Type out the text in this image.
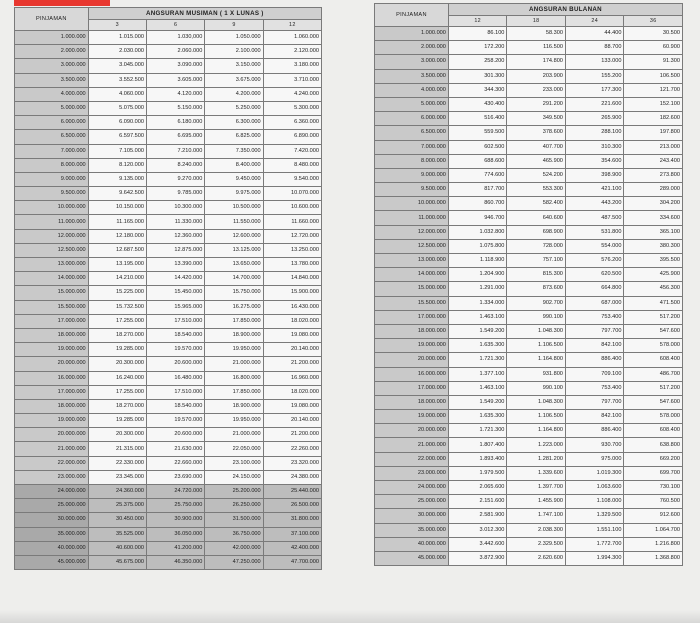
PINJAMAN	ANGSURAN MUSIMAN ( 1 X LUNAS )			
	3	6	9	12
1.000.000	1.015.000	1.030,000	1.050.000	1.060.000
2.000.000	2.030.000	2.060.000	2.100.000	2.120.000
3.000.000	3.045.000	3.090.000	3.150.000	3.180.000
3.500.000	3.552.500	3.605.000	3.675.000	3.710.000
4.000.000	4.060.000	4.120.000	4.200.000	4.240.000
5.000.000	5.075.000	5.150.000	5.250.000	5.300.000
6.000.000	6.090.000	6.180.000	6.300.000	6.360.000
6.500.000	6.597.500	6.695.000	6.825.000	6.890.000
7.000.000	7.105.000	7.210.000	7.350.000	7.420.000
8.000.000	8.120.000	8.240.000	8.400.000	8.480.000
9.000.000	9.135.000	9.270.000	9.450.000	9.540.000
9.500.000	9.642.500	9.785.000	9.975.000	10.070.000
10.000.000	10.150.000	10.300.000	10.500.000	10.600.000
11.000.000	11.165.000	11.330.000	11.550.000	11.660.000
12.000.000	12.180.000	12.360.000	12.600.000	12.720.000
12.500.000	12.687.500	12.875.000	13.125.000	13.250.000
13.000.000	13.195.000	13.390.000	13.650.000	13.780.000
14.000.000	14.210.000	14.420.000	14.700.000	14.840.000
15.000.000	15.225.000	15.450.000	15.750.000	15.900.000
15.500.000	15.732.500	15.965.000	16.275.000	16.430.000
17.000.000	17.255.000	17.510.000	17.850.000	18.020.000
18.000.000	18.270.000	18.540.000	18.900.000	19.080.000
19.000.000	19.285.000	19.570.000	19.950.000	20.140.000
20.000.000	20.300.000	20.600.000	21.000.000	21.200.000
16.000.000	16.240.000	16.480.000	16.800.000	16.960.000
17.000.000	17.255.000	17.510.000	17.850.000	18.020.000
18.000.000	18.270.000	18.540.000	18.900.000	19.080.000
19.000.000	19.285.000	19.570.000	19.950.000	20.140.000
20.000.000	20.300.000	20.600.000	21.000.000	21.200.000
21.000.000	21.315.000	21.630.000	22.050.000	22.260.000
22.000.000	22.330.000	22.660.000	23.100.000	23.320.000
23.000.000	23.345.000	23.690.000	24.150.000	24.380.000
24.000.000	24.360.000	24.720.000	25.200.000	25.440.000
25.000.000	25.375.000	25.750.000	26.250.000	26.500.000
30.000.000	30.450.000	30.900.000	31.500.000	31.800.000
35.000.000	35.525.000	36.050.000	36.750.000	37.100.000
40.000.000	40.600.000	41.200.000	42.000.000	42.400.000
45.000.000	45.675.000	46.350.000	47.250.000	47.700.000
PINJAMAN	ANGSURAN BULANAN			
	12	18	24	36
1.000.000	86.100	58.300	44.400	30.500
2.000.000	172.200	116.500	88.700	60.900
3.000.000	258.200	174.800	133.000	91.300
3.500.000	301.300	203.900	155.200	106.500
4.000.000	344.300	233.000	177.300	121.700
5.000.000	430.400	291.200	221.600	152.100
6.000.000	516.400	349.500	265.900	182.600
6.500.000	559.500	378.600	288.100	197.800
7.000.000	602.500	407.700	310.300	213.000
8.000.000	688.600	465.900	354.600	243.400
9.000.000	774.600	524.200	398.900	273.800
9.500.000	817.700	553.300	421.100	289.000
10.000.000	860.700	582.400	443.200	304.200
11.000.000	946.700	640.600	487.500	334.600
12.000.000	1.032.800	698.900	531.800	365.100
12.500.000	1.075.800	728.000	554.000	380.300
13.000.000	1.118.900	757.100	576.200	395.500
14.000.000	1.204.900	815.300	620.500	425.900
15.000.000	1.291.000	873.600	664.800	456.300
15.500.000	1.334.000	902.700	687.000	471.500
17.000.000	1.463.100	990.100	753.400	517.200
18.000.000	1.549.200	1.048.300	797.700	547.600
19.000.000	1.635.300	1.106.500	842.100	578.000
20.000.000	1.721.300	1.164.800	886.400	608.400
16.000.000	1.377.100	931.800	709.100	486.700
17.000.000	1.463.100	990.100	753.400	517.200
18.000.000	1.549.200	1.048.300	797.700	547.600
19.000.000	1.635.300	1.106.500	842.100	578.000
20.000.000	1.721.300	1.164.800	886.400	608.400
21.000.000	1.807.400	1.223.000	930.700	638.800
22.000.000	1.893.400	1.281.200	975.000	669.200
23.000.000	1.979.500	1.339.600	1.019.300	699.700
24.000.000	2.065.600	1.397.700	1.063.600	730.100
25.000.000	2.151.600	1.455.900	1.108.000	760.500
30.000.000	2.581.900	1.747.100	1.329.500	912.600
35.000.000	3.012.300	2.038.300	1.551.100	1.064.700
40.000.000	3.442.600	2.329.500	1.772.700	1.216.800
45.000.000	3.872.900	2.620.600	1.994.300	1.368.800
